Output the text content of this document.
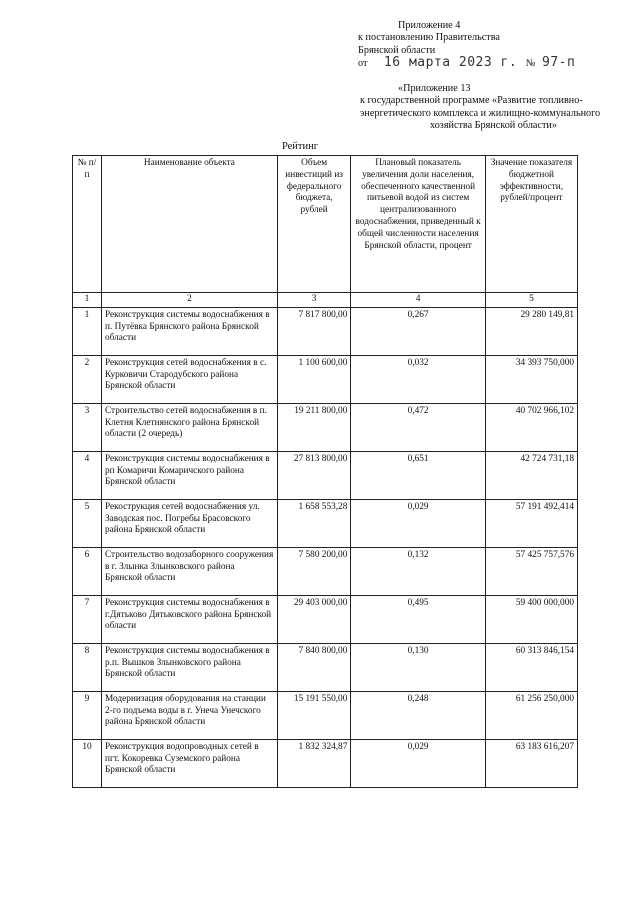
Приложение 4
к постановлению Правительства
Брянской области
от 16 марта 2023 г. № 97-п
«Приложение 13
к государственной программе «Развитие топливно-
энергетического комплекса и жилищно-коммунального
хозяйства Брянской области»
Рейтинг
№ п/п	Наименование объекта	Объем инвестиций из федерального бюджета, рублей	Плановый показатель увеличения доли населения, обеспеченного качественной питьевой водой из систем централизованного водоснабжения, приведенный к общей численности населения Брянской области, процент	Значение показателя бюджетной эффективности, рублей/процент
1	2	3	4	5
1	Реконструкция системы водоснабжения в п. Путёвка Брянского района Брянской области	7 817 800,00	0,267	29 280 149,81
2	Реконструкция сетей водоснабжения в с. Курковичи Стародубского района Брянской области	1 100 600,00	0,032	34 393 750,000
3	Строительство сетей водоснабжения в п. Клетня Клетнянского района Брянской области (2 очередь)	19 211 800,00	0,472	40 702 966,102
4	Реконструкция системы водоснабжения в рп Комаричи Комаричского района Брянской области	27 813 800,00	0,651	42 724 731,18
5	Рекострукция сетей водоснабжения ул. Заводская пос. Погребы Брасовского района Брянской области	1 658 553,28	0,029	57 191 492,414
6	Строительство водозаборного сооружения в г. Злынка Злынковского района Брянской области	7 580 200,00	0,132	57 425 757,576
7	Реконструкция системы водоснабжения в г.Дятьково Дятьковского района Брянской области	29 403 000,00	0,495	59 400 000,000
8	Реконструкция системы водоснабжения в р.п. Вышков Злынковского района Брянской области	7 840 800,00	0,130	60 313 846,154
9	Модернизация оборудования на станции 2-го подъема воды в г. Унеча Унечского района Брянской области	15 191 550,00	0,248	61 256 250,000
10	Реконструкция водопроводных сетей в пгт. Кокоревка Суземского района Брянской области	1 832 324,87	0,029	63 183 616,207
